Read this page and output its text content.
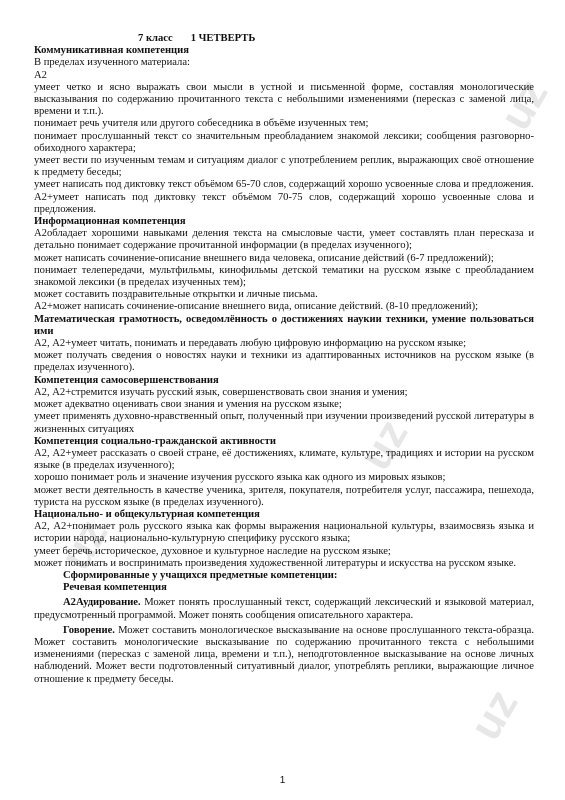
uz
uz
uz
uz

7 класс 1 ЧЕТВЕРТЬ

Коммуникативная компетенция

В пределах изученного материала:

А2

умеет четко и ясно выражать свои мысли в устной и письменной форме, составляя монологические высказывания по содержанию прочитанного текста с небольшими изменениями (пересказ с заменой лица, времени и т.п.).

понимает речь учителя или другого собеседника в объёме изученных тем;

понимает прослушанный текст со значительным преобладанием знакомой лексики; сообщения разговорно-обиходного характера;

умеет вести по изученным темам и ситуациям диалог с употреблением реплик, выражающих своё отношение к предмету беседы;

умеет написать под диктовку текст объёмом 65-70 слов, содержащий хорошо усвоенные слова и предложения.

А2+умеет написать под диктовку текст объёмом 70-75 слов, содержащий хорошо усвоенные слова и предложения.

Информационная компетенция

А2обладает хорошими навыками деления текста на смысловые части, умеет составлять план пересказа и детально понимает содержание прочитанной информации (в пределах изученного);

может написать сочинение-описание внешнего вида человека, описание действий (6-7 предложений);

понимает телепередачи, мультфильмы, кинофильмы детской тематики на русском языке с преобладанием знакомой лексики (в пределах изученных тем);

может составить поздравительные открытки и личные письма.

А2+может написать сочинение-описание внешнего вида, описание действий. (8-10 предложений);

Математическая грамотность, осведомлённость о достижениях наукии техники, умение пользоваться ими

А2, А2+умеет читать, понимать и передавать любую цифровую информацию на русском языке;

может получать сведения о новостях науки и техники из адаптированных источников на русском языке (в пределах изученного).

Компетенция самосовершенствования

А2, А2+стремится изучать русский язык, совершенствовать свои знания и умения;

может адекватно оценивать свои знания и умения на русском языке;

умеет применять духовно-нравственный опыт, полученный при изучении произведений русской литературы в жизненных ситуациях

Компетенция социально-гражданской активности

А2, А2+умеет рассказать о своей стране, её достижениях, климате, культуре, традициях и истории на русском языке (в пределах изученного);

хорошо понимает роль и значение изучения русского языка как одного из мировых языков;

может вести деятельность в качестве ученика, зрителя, покупателя, потребителя услуг, пассажира, пешехода, туриста на русском языке (в пределах изученного).

Национально- и общекультурная компетенция

А2, А2+понимает роль русского языка как формы выражения национальной культуры, взаимосвязь языка и истории народа, национально-культурную специфику русского языка;

умеет беречь историческое, духовное и культурное наследие на русском языке;

может понимать и воспринимать произведения художественной литературы и искусства на русском языке.

Сформированные у учащихся предметные компетенции:

Речевая компетенция

А2Аудирование. Может понять прослушанный текст, содержащий лексический и языковой материал, предусмотренный программой. Может понять сообщения описательного характера.

Говорение. Может составить монологическое высказывание на основе прослушанного текста-образца. Может составить монологические высказывание по содержанию прочитанного текста с небольшими изменениями (пересказ с заменой лица, времени и т.п.), неподготовленное высказывание на основе личных наблюдений. Может вести подготовленный ситуативный диалог, употреблять реплики, выражающие личное отношение к предмету беседы.

1
